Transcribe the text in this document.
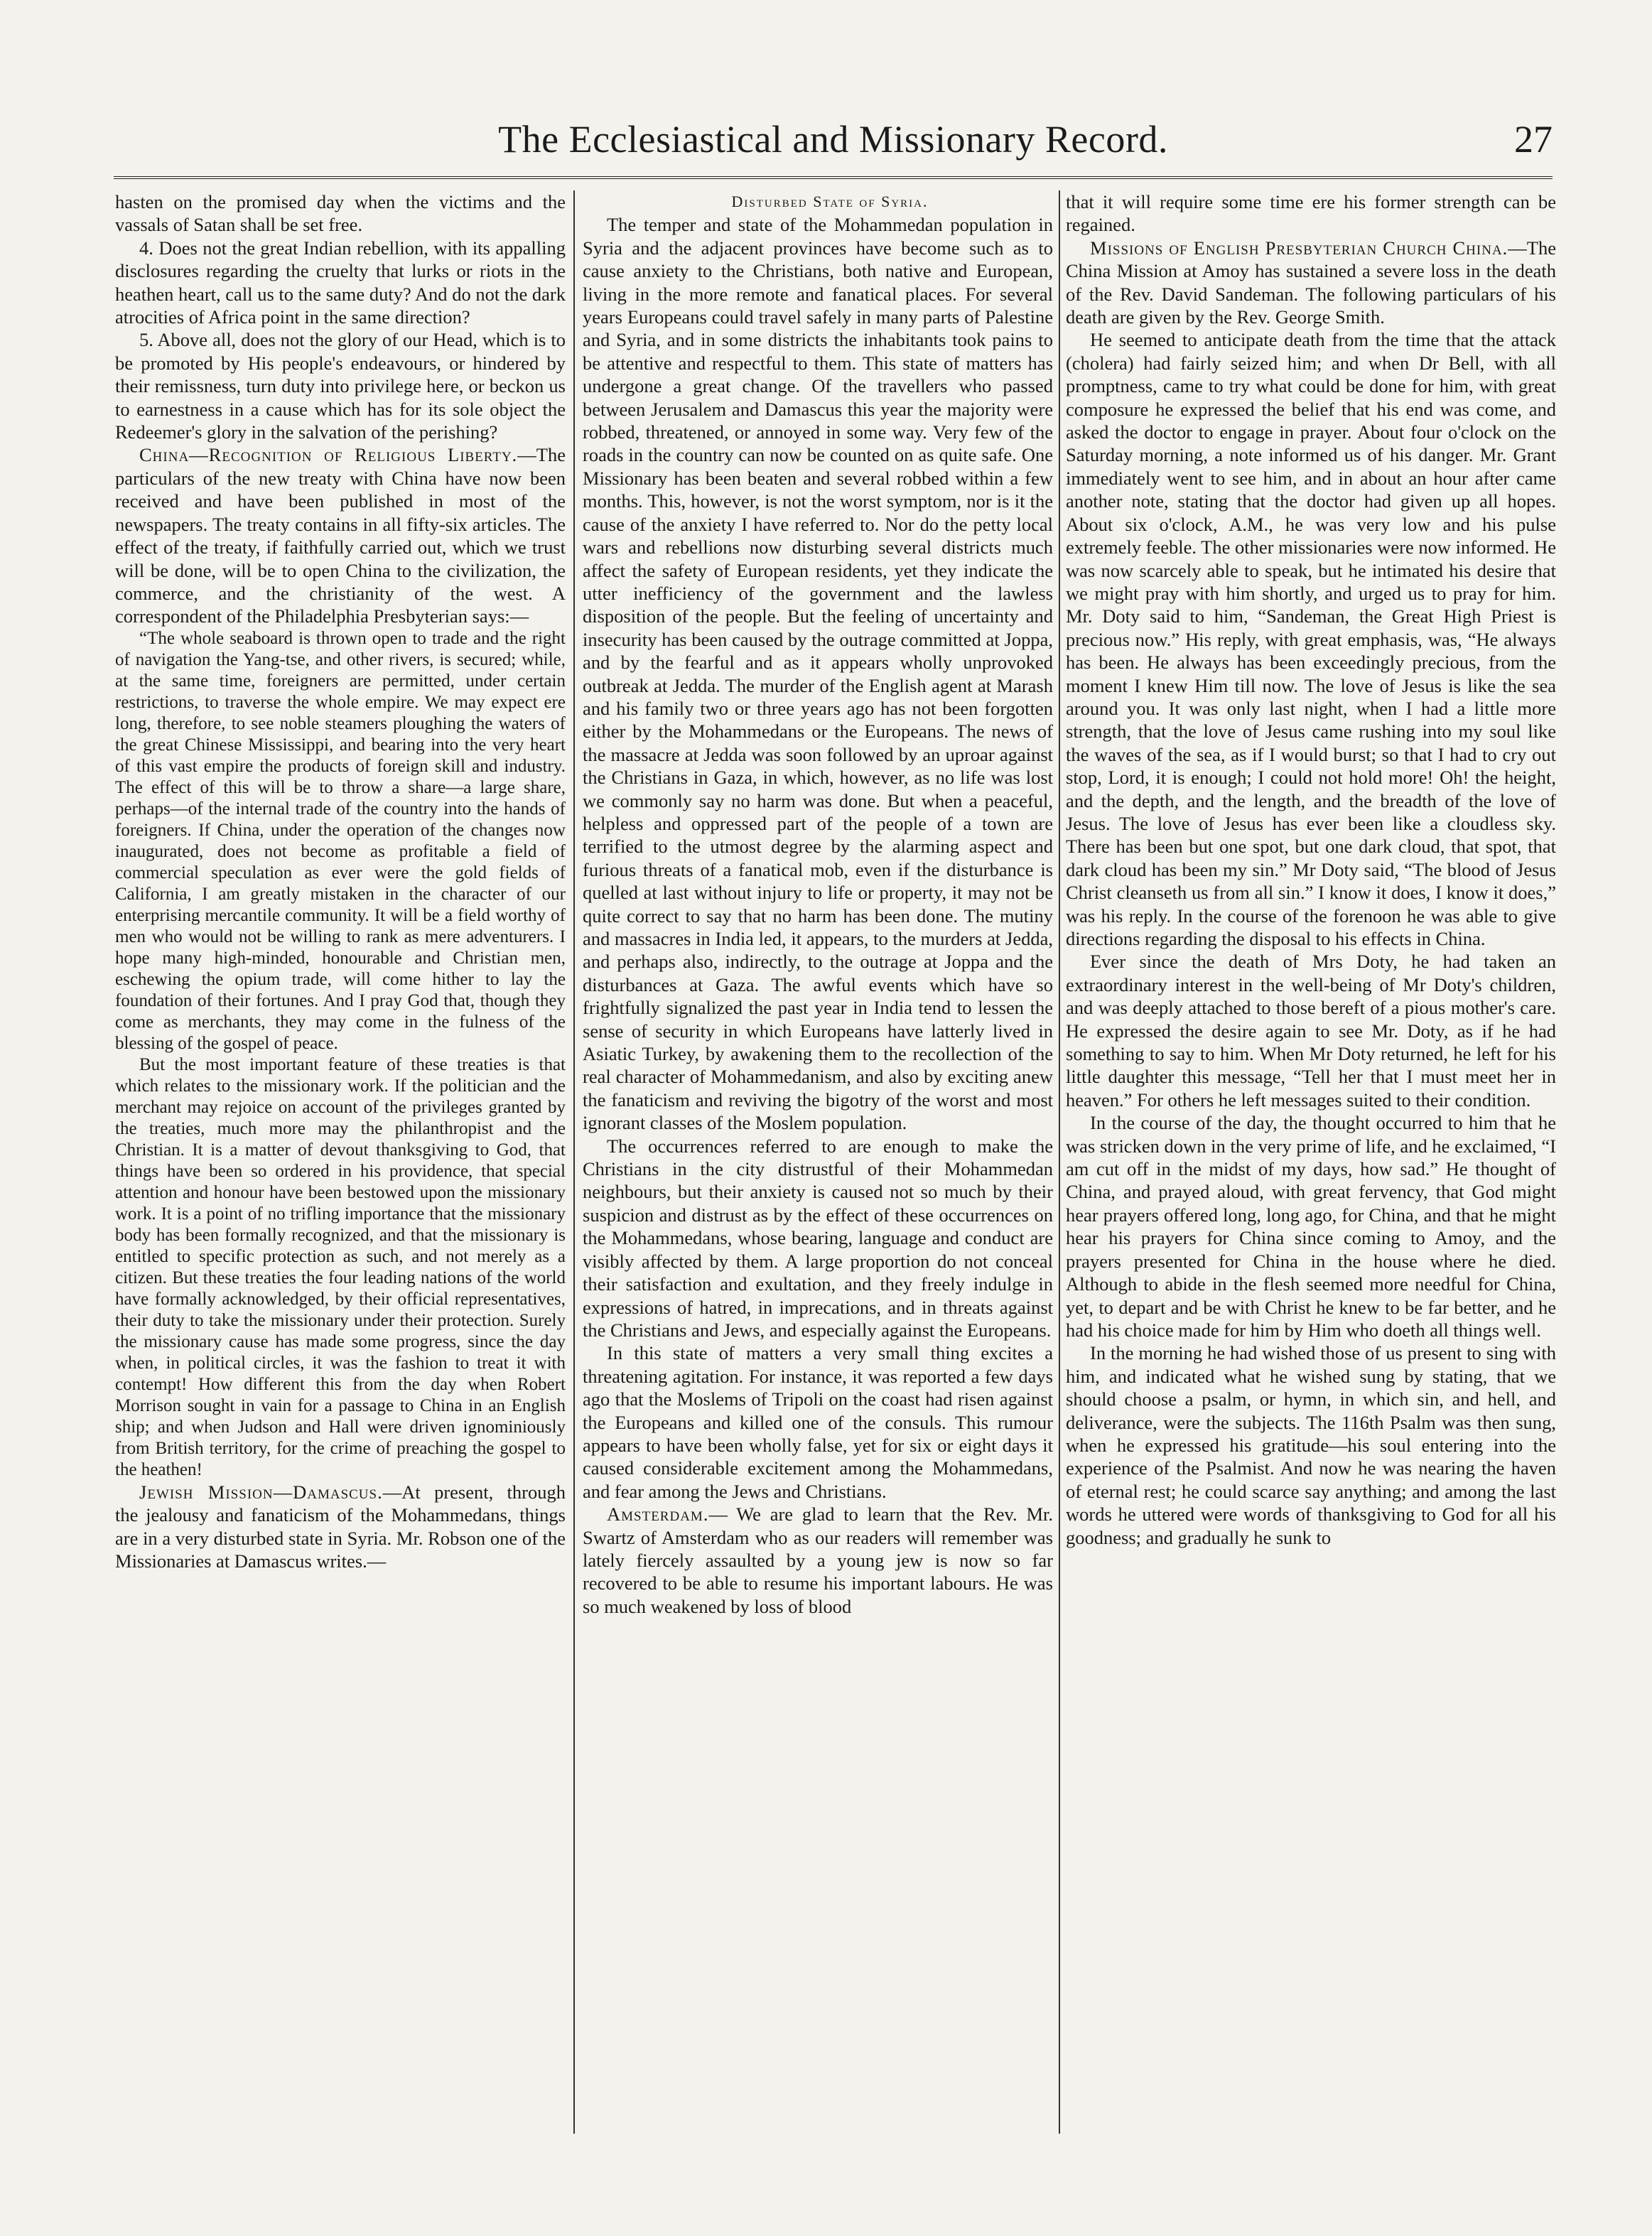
The Ecclesiastical and Missionary Record.	27

hasten on the promised day when the victims and the vassals of Satan shall be set free.

4. Does not the great Indian rebellion, with its appalling disclosures regarding the cruelty that lurks or riots in the heathen heart, call us to the same duty? And do not the dark atrocities of Africa point in the same direction?

5. Above all, does not the glory of our Head, which is to be promoted by His people's endeavours, or hindered by their remissness, turn duty into privilege here, or beckon us to earnestness in a cause which has for its sole object the Redeemer's glory in the salvation of the perishing?

China—Recognition of Religious Liberty.—The particulars of the new treaty with China have now been received and have been published in most of the newspapers. The treaty contains in all fifty-six articles. The effect of the treaty, if faithfully carried out, which we trust will be done, will be to open China to the civilization, the commerce, and the christianity of the west. A correspondent of the Philadelphia Presbyterian says:—

“The whole seaboard is thrown open to trade and the right of navigation the Yang-tse, and other rivers, is secured; while, at the same time, foreigners are permitted, under certain restrictions, to traverse the whole empire. We may expect ere long, therefore, to see noble steamers ploughing the waters of the great Chinese Mississippi, and bearing into the very heart of this vast empire the products of foreign skill and industry. The effect of this will be to throw a share—a large share, perhaps—of the internal trade of the country into the hands of foreigners. If China, under the operation of the changes now inaugurated, does not become as profitable a field of commercial speculation as ever were the gold fields of California, I am greatly mistaken in the character of our enterprising mercantile community. It will be a field worthy of men who would not be willing to rank as mere adventurers. I hope many high-minded, honourable and Christian men, eschewing the opium trade, will come hither to lay the foundation of their fortunes. And I pray God that, though they come as merchants, they may come in the fulness of the blessing of the gospel of peace.

But the most important feature of these treaties is that which relates to the missionary work. If the politician and the merchant may rejoice on account of the privileges granted by the treaties, much more may the philanthropist and the Christian. It is a matter of devout thanksgiving to God, that things have been so ordered in his providence, that special attention and honour have been bestowed upon the missionary work. It is a point of no trifling importance that the missionary body has been formally recognized, and that the missionary is entitled to specific protection as such, and not merely as a citizen. But these treaties the four leading nations of the world have formally acknowledged, by their official representatives, their duty to take the missionary under their protection. Surely the missionary cause has made some progress, since the day when, in political circles, it was the fashion to treat it with contempt! How different this from the day when Robert Morrison sought in vain for a passage to China in an English ship; and when Judson and Hall were driven ignominiously from British territory, for the crime of preaching the gospel to the heathen!

Jewish Mission—Damascus.—At present, through the jealousy and fanaticism of the Mohammedans, things are in a very disturbed state in Syria. Mr. Robson one of the Missionaries at Damascus writes.—

Disturbed State of Syria.

The temper and state of the Mohammedan population in Syria and the adjacent provinces have become such as to cause anxiety to the Christians, both native and European, living in the more remote and fanatical places. For several years Europeans could travel safely in many parts of Palestine and Syria, and in some districts the inhabitants took pains to be attentive and respectful to them. This state of matters has undergone a great change. Of the travellers who passed between Jerusalem and Damascus this year the majority were robbed, threatened, or annoyed in some way. Very few of the roads in the country can now be counted on as quite safe. One Missionary has been beaten and several robbed within a few months. This, however, is not the worst symptom, nor is it the cause of the anxiety I have referred to. Nor do the petty local wars and rebellions now disturbing several districts much affect the safety of European residents, yet they indicate the utter inefficiency of the government and the lawless disposition of the people. But the feeling of uncertainty and insecurity has been caused by the outrage committed at Joppa, and by the fearful and as it appears wholly unprovoked outbreak at Jedda. The murder of the English agent at Marash and his family two or three years ago has not been forgotten either by the Mohammedans or the Europeans. The news of the massacre at Jedda was soon followed by an uproar against the Christians in Gaza, in which, however, as no life was lost we commonly say no harm was done. But when a peaceful, helpless and oppressed part of the people of a town are terrified to the utmost degree by the alarming aspect and furious threats of a fanatical mob, even if the disturbance is quelled at last without injury to life or property, it may not be quite correct to say that no harm has been done. The mutiny and massacres in India led, it appears, to the murders at Jedda, and perhaps also, indirectly, to the outrage at Joppa and the disturbances at Gaza. The awful events which have so frightfully signalized the past year in India tend to lessen the sense of security in which Europeans have latterly lived in Asiatic Turkey, by awakening them to the recollection of the real character of Mohammedanism, and also by exciting anew the fanaticism and reviving the bigotry of the worst and most ignorant classes of the Moslem population.

The occurrences referred to are enough to make the Christians in the city distrustful of their Mohammedan neighbours, but their anxiety is caused not so much by their suspicion and distrust as by the effect of these occurrences on the Mohammedans, whose bearing, language and conduct are visibly affected by them. A large proportion do not conceal their satisfaction and exultation, and they freely indulge in expressions of hatred, in imprecations, and in threats against the Christians and Jews, and especially against the Europeans.

In this state of matters a very small thing excites a threatening agitation. For instance, it was reported a few days ago that the Moslems of Tripoli on the coast had risen against the Europeans and killed one of the consuls. This rumour appears to have been wholly false, yet for six or eight days it caused considerable excitement among the Mohammedans, and fear among the Jews and Christians.

Amsterdam.— We are glad to learn that the Rev. Mr. Swartz of Amsterdam who as our readers will remember was lately fiercely assaulted by a young jew is now so far recovered to be able to resume his important labours. He was so much weakened by loss of blood

that it will require some time ere his former strength can be regained.

Missions of English Presbyterian Church China.—The China Mission at Amoy has sustained a severe loss in the death of the Rev. David Sandeman. The following particulars of his death are given by the Rev. George Smith.

He seemed to anticipate death from the time that the attack (cholera) had fairly seized him; and when Dr Bell, with all promptness, came to try what could be done for him, with great composure he expressed the belief that his end was come, and asked the doctor to engage in prayer. About four o'clock on the Saturday morning, a note informed us of his danger. Mr. Grant immediately went to see him, and in about an hour after came another note, stating that the doctor had given up all hopes. About six o'clock, A.M., he was very low and his pulse extremely feeble. The other missionaries were now informed. He was now scarcely able to speak, but he intimated his desire that we might pray with him shortly, and urged us to pray for him. Mr. Doty said to him, “Sandeman, the Great High Priest is precious now.” His reply, with great emphasis, was, “He always has been. He always has been exceedingly precious, from the moment I knew Him till now. The love of Jesus is like the sea around you. It was only last night, when I had a little more strength, that the love of Jesus came rushing into my soul like the waves of the sea, as if I would burst; so that I had to cry out stop, Lord, it is enough; I could not hold more! Oh! the height, and the depth, and the length, and the breadth of the love of Jesus. The love of Jesus has ever been like a cloudless sky. There has been but one spot, but one dark cloud, that spot, that dark cloud has been my sin.” Mr Doty said, “The blood of Jesus Christ cleanseth us from all sin.” I know it does, I know it does,” was his reply. In the course of the forenoon he was able to give directions regarding the disposal to his effects in China.

Ever since the death of Mrs Doty, he had taken an extraordinary interest in the well-being of Mr Doty's children, and was deeply attached to those bereft of a pious mother's care. He expressed the desire again to see Mr. Doty, as if he had something to say to him. When Mr Doty returned, he left for his little daughter this message, “Tell her that I must meet her in heaven.” For others he left messages suited to their condition.

In the course of the day, the thought occurred to him that he was stricken down in the very prime of life, and he exclaimed, “I am cut off in the midst of my days, how sad.” He thought of China, and prayed aloud, with great fervency, that God might hear prayers offered long, long ago, for China, and that he might hear his prayers for China since coming to Amoy, and the prayers presented for China in the house where he died. Although to abide in the flesh seemed more needful for China, yet, to depart and be with Christ he knew to be far better, and he had his choice made for him by Him who doeth all things well.

In the morning he had wished those of us present to sing with him, and indicated what he wished sung by stating, that we should choose a psalm, or hymn, in which sin, and hell, and deliverance, were the subjects. The 116th Psalm was then sung, when he expressed his gratitude—his soul entering into the experience of the Psalmist. And now he was nearing the haven of eternal rest; he could scarce say anything; and among the last words he uttered were words of thanksgiving to God for all his goodness; and gradually he sunk to
